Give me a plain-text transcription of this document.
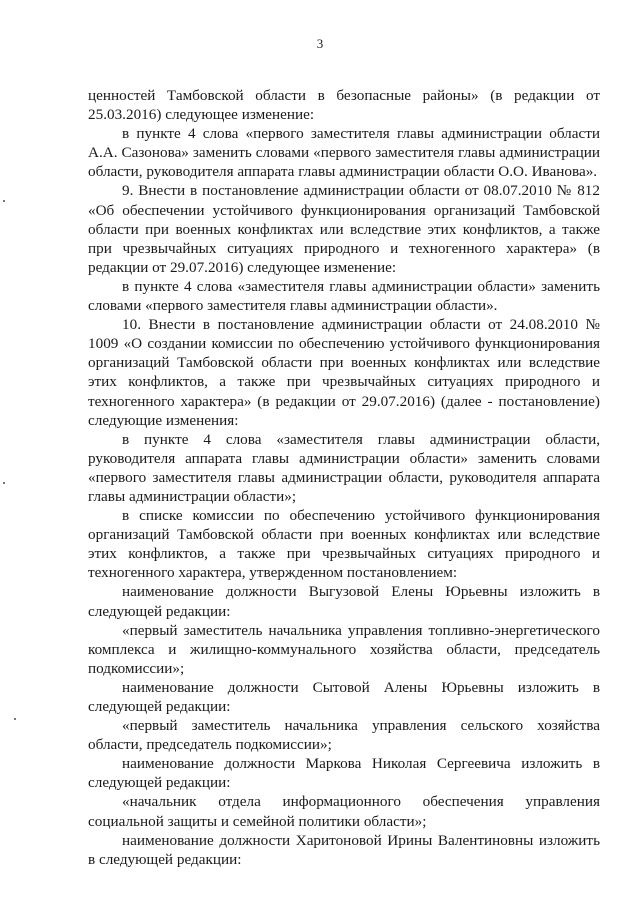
3

ценностей Тамбовской области в безопасные районы» (в редакции от 25.03.2016) следующее изменение:

в пункте 4 слова «первого заместителя главы администрации области А.А. Сазонова» заменить словами «первого заместителя главы администрации области, руководителя аппарата главы администрации области О.О. Иванова».

9. Внести в постановление администрации области от 08.07.2010 № 812 «Об обеспечении устойчивого функционирования организаций Тамбовской области при военных конфликтах или вследствие этих конфликтов, а также при чрезвычайных ситуациях природного и техногенного характера» (в редакции от 29.07.2016) следующее изменение:

в пункте 4 слова «заместителя главы администрации области» заменить словами «первого заместителя главы администрации области».

10. Внести в постановление администрации области от 24.08.2010 № 1009 «О создании комиссии по обеспечению устойчивого функционирования организаций Тамбовской области при военных конфликтах или вследствие этих конфликтов, а также при чрезвычайных ситуациях природного и техногенного характера» (в редакции от 29.07.2016) (далее - постановление) следующие изменения:

в пункте 4 слова «заместителя главы администрации области, руководителя аппарата главы администрации области» заменить словами «первого заместителя главы администрации области, руководителя аппарата главы администрации области»;

в списке комиссии по обеспечению устойчивого функционирования организаций Тамбовской области при военных конфликтах или вследствие этих конфликтов, а также при чрезвычайных ситуациях природного и техногенного характера, утвержденном постановлением:

наименование должности Выгузовой Елены Юрьевны изложить в следующей редакции:

«первый заместитель начальника управления топливно-энергетического комплекса и жилищно-коммунального хозяйства области, председатель подкомиссии»;

наименование должности Сытовой Алены Юрьевны изложить в следующей редакции:

«первый заместитель начальника управления сельского хозяйства области, председатель подкомиссии»;

наименование должности Маркова Николая Сергеевича изложить в следующей редакции:

«начальник отдела информационного обеспечения управления социальной защиты и семейной политики области»;

наименование должности Харитоновой Ирины Валентиновны изложить в следующей редакции:
